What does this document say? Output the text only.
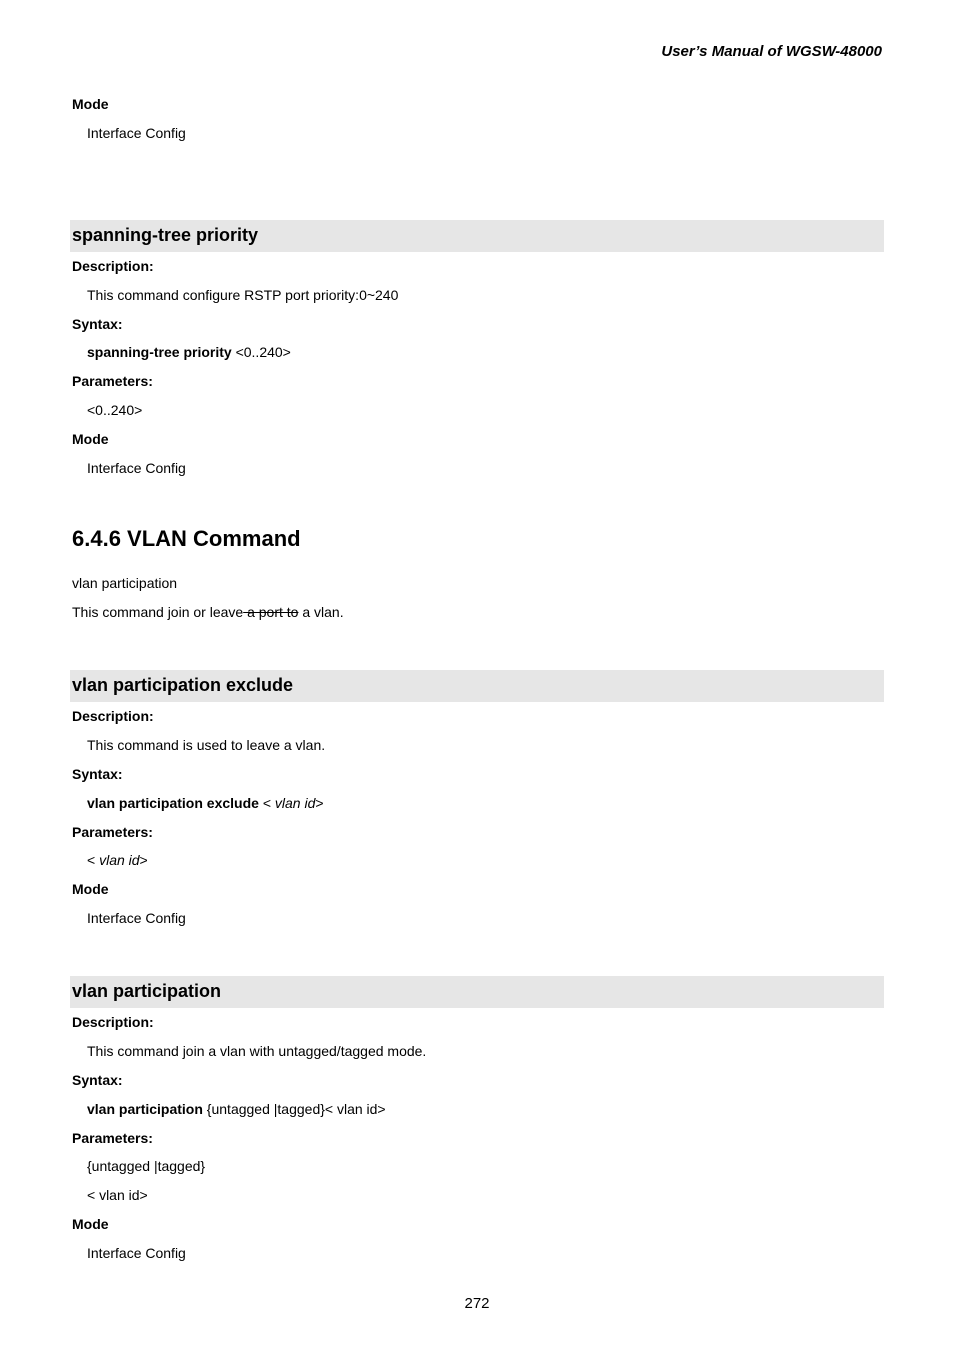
User’s Manual of WGSW-48000
Mode
Interface Config
spanning-tree priority
Description:
This command configure RSTP port priority:0~240
Syntax:
spanning-tree priority <0..240>
Parameters:
<0..240>
Mode
Interface Config
6.4.6 VLAN Command
vlan participation
This command join or leave a port to a vlan.
vlan participation exclude
Description:
This command is used to leave a vlan.
Syntax:
vlan participation exclude < vlan id>
Parameters:
< vlan id>
Mode
Interface Config
vlan participation
Description:
This command join a vlan with untagged/tagged mode.
Syntax:
vlan participation {untagged |tagged}< vlan id>
Parameters:
{untagged |tagged}
< vlan id>
Mode
Interface Config
272
